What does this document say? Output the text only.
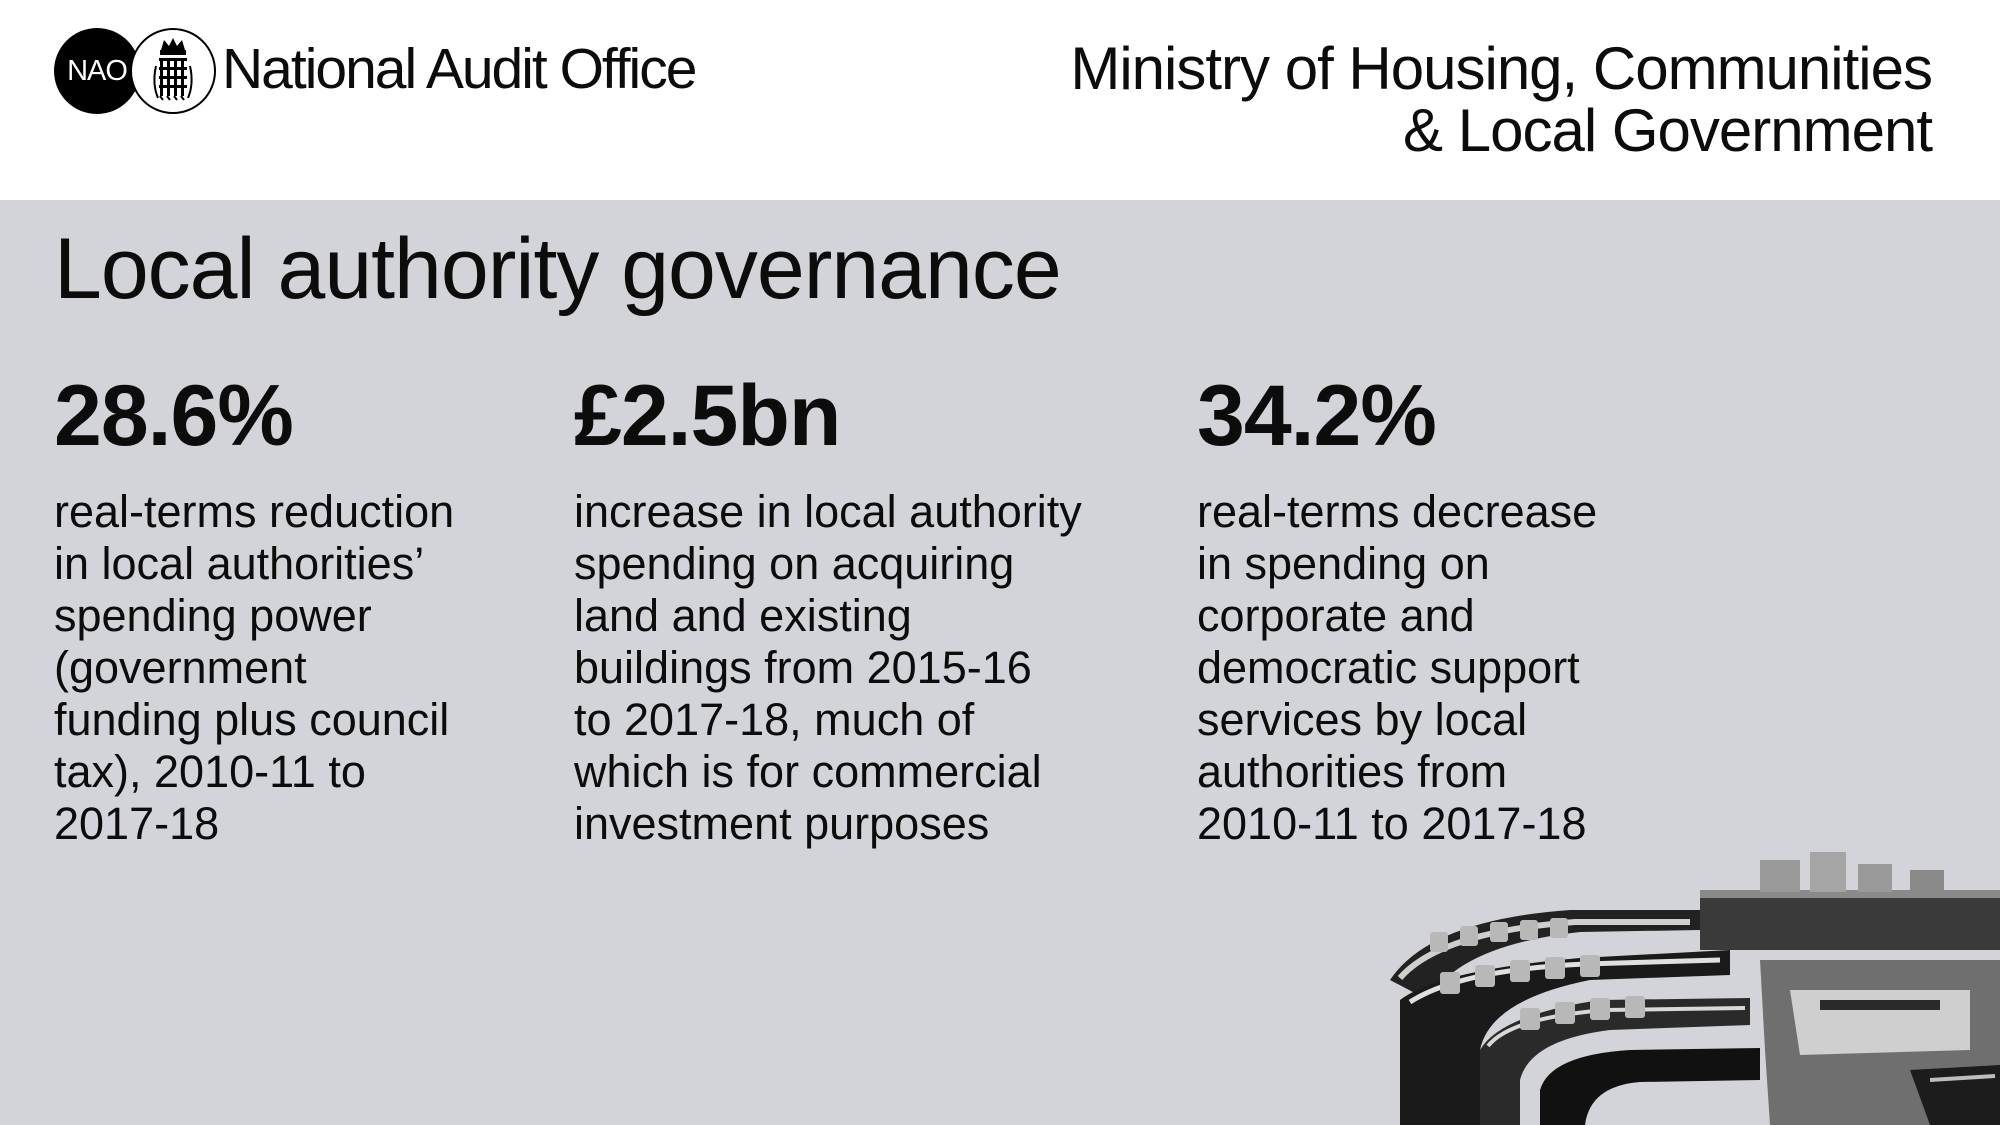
NAO National Audit Office	Ministry of Housing, Communities
& Local Government
Local authority governance
28.6%
real-terms reduction
in local authorities’
spending power
(government
funding plus council
tax), 2010-11 to
2017-18
£2.5bn
increase in local authority
spending on acquiring
land and existing
buildings from 2015-16
to 2017-18, much of
which is for commercial
investment purposes
34.2%
real-terms decrease
in spending on
corporate and
democratic support
services by local
authorities from
2010-11 to 2017-18
